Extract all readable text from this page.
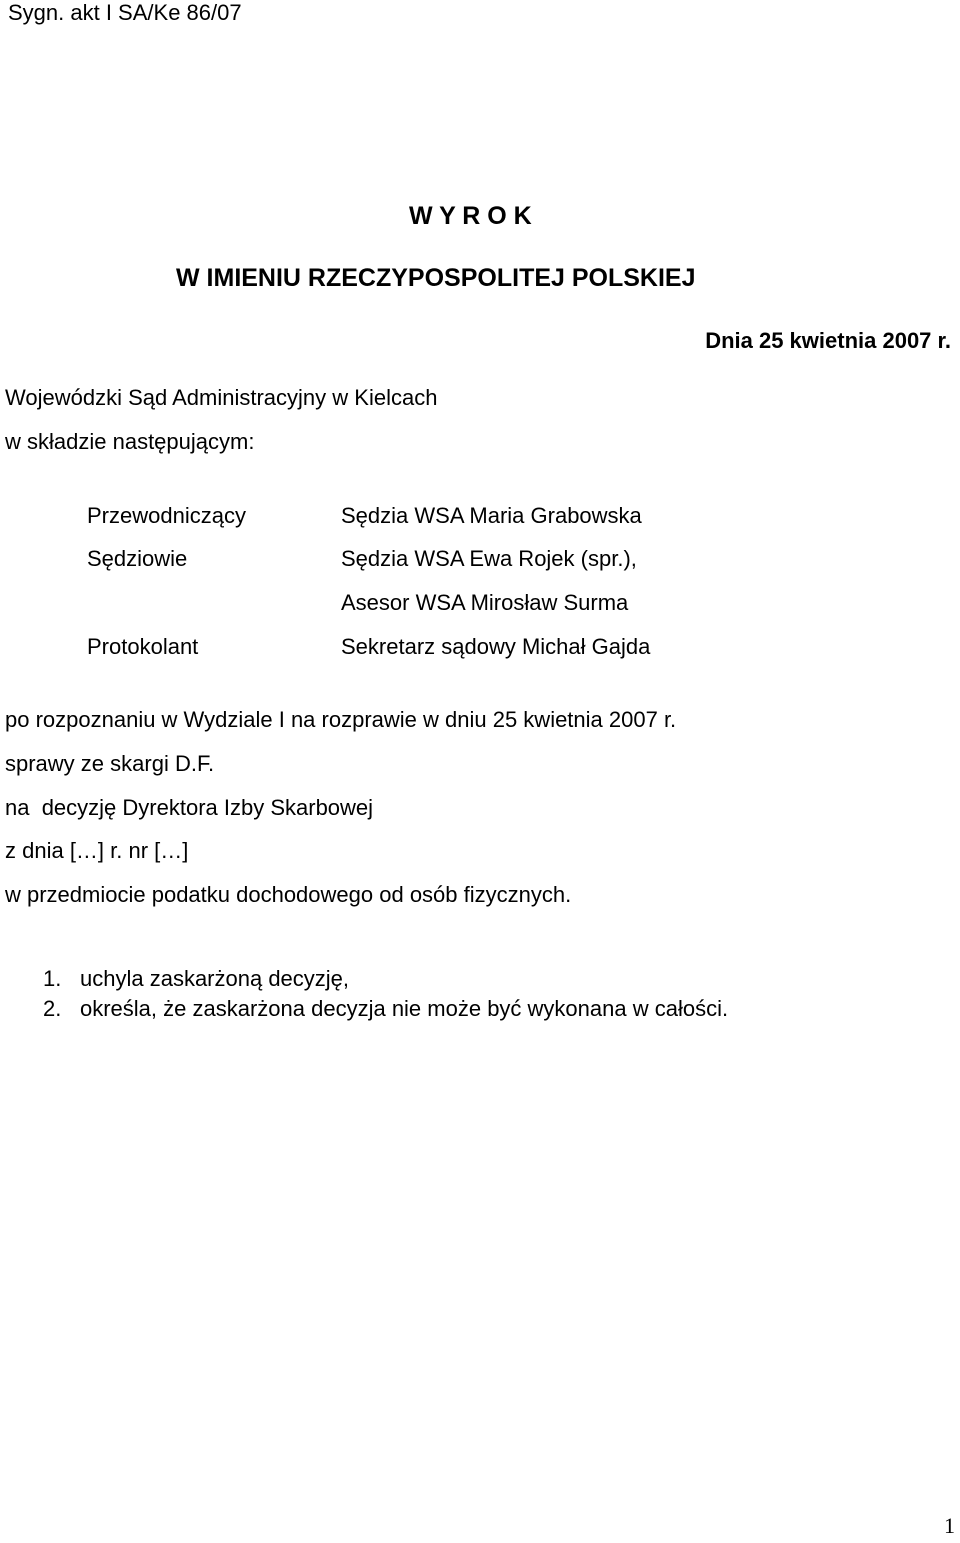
Sygn. akt I SA/Ke 86/07
W Y R O K
W IMIENIU RZECZYPOSPOLITEJ POLSKIEJ
Dnia 25 kwietnia 2007 r.
Wojewódzki Sąd Administracyjny w Kielcach
w składzie następującym:
Przewodniczący	Sędzia WSA Maria Grabowska
Sędziowie	Sędzia WSA Ewa Rojek (spr.),
Asesor WSA Mirosław Surma
Protokolant	Sekretarz sądowy Michał Gajda
po rozpoznaniu w Wydziale I na rozprawie w dniu 25 kwietnia 2007 r.
sprawy ze skargi D.F.
na  decyzję Dyrektora Izby Skarbowej
z dnia […] r. nr […]
w przedmiocie podatku dochodowego od osób fizycznych.
1. uchyla zaskarżoną decyzję,
2. określa, że zaskarżona decyzja nie może być wykonana w całości.
1
